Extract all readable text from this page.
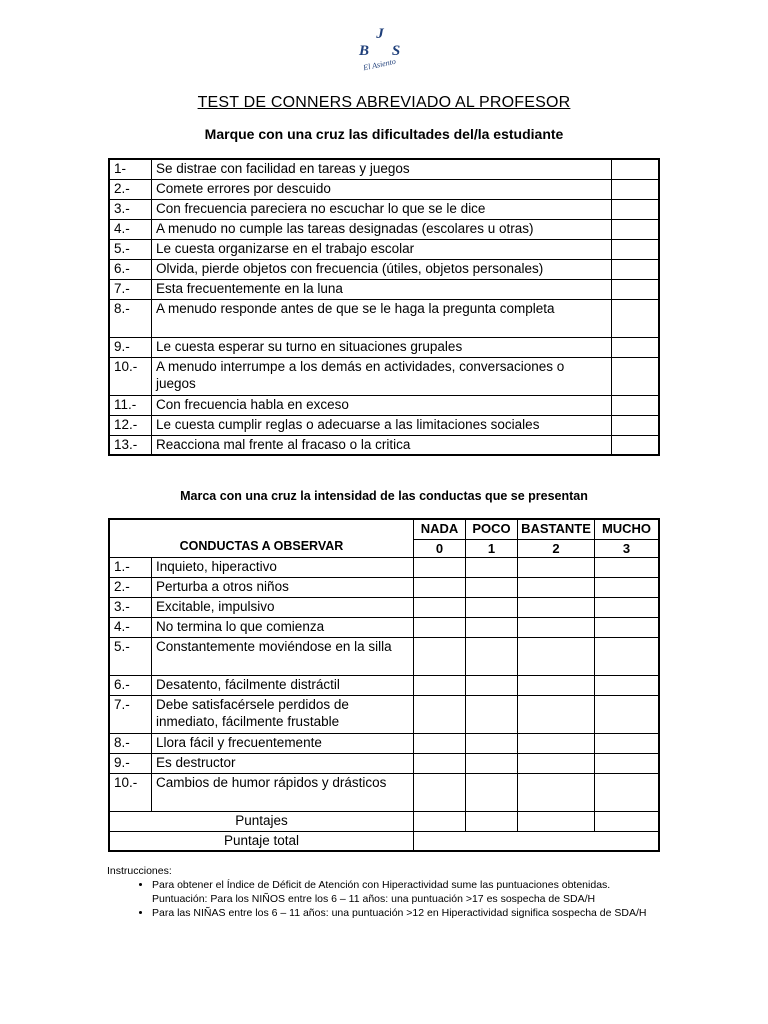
J
B S
El Asiento
TEST DE CONNERS ABREVIADO AL PROFESOR
Marque con una cruz las dificultades del/la estudiante
1-	Se distrae con facilidad en tareas y juegos	
2.-	Comete errores por descuido	
3.-	Con frecuencia pareciera no escuchar lo que se le dice	
4.-	A menudo no cumple las tareas designadas (escolares u otras)	
5.-	Le cuesta organizarse en el trabajo escolar	
6.-	Olvida, pierde objetos con frecuencia (útiles, objetos personales)	
7.-	Esta frecuentemente en la luna	
8.-	A menudo responde antes de que se le haga la pregunta completa	
9.-	Le cuesta esperar su turno en situaciones grupales	
10.-	A menudo interrumpe a los demás en actividades, conversaciones o juegos	
11.-	Con frecuencia habla en exceso	
12.-	Le cuesta cumplir reglas o adecuarse a las limitaciones sociales	
13.-	Reacciona mal frente al fracaso o la critica	
Marca con una cruz la intensidad de las conductas que se presentan
CONDUCTAS A OBSERVAR		NADA	POCO	BASTANTE	MUCHO
		0	1	2	3
1.-	Inquieto, hiperactivo				
2.-	Perturba a otros niños				
3.-	Excitable, impulsivo				
4.-	No termina lo que comienza				
5.-	Constantemente moviéndose en la silla				
6.-	Desatento, fácilmente distráctil				
7.-	Debe satisfacérsele perdidos de inmediato, fácilmente frustable				
8.-	Llora fácil y frecuentemente				
9.-	Es destructor				
10.-	Cambios de humor rápidos y drásticos				
Puntajes					
Puntaje total					
Instrucciones:
• Para obtener el Índice de Déficit de Atención con Hiperactividad sume las puntuaciones obtenidas. Puntuación: Para los NIÑOS entre los 6 – 11 años: una puntuación >17 es sospecha de SDA/H
• Para las NIÑAS entre los 6 – 11 años: una puntuación >12 en Hiperactividad significa sospecha de SDA/H
